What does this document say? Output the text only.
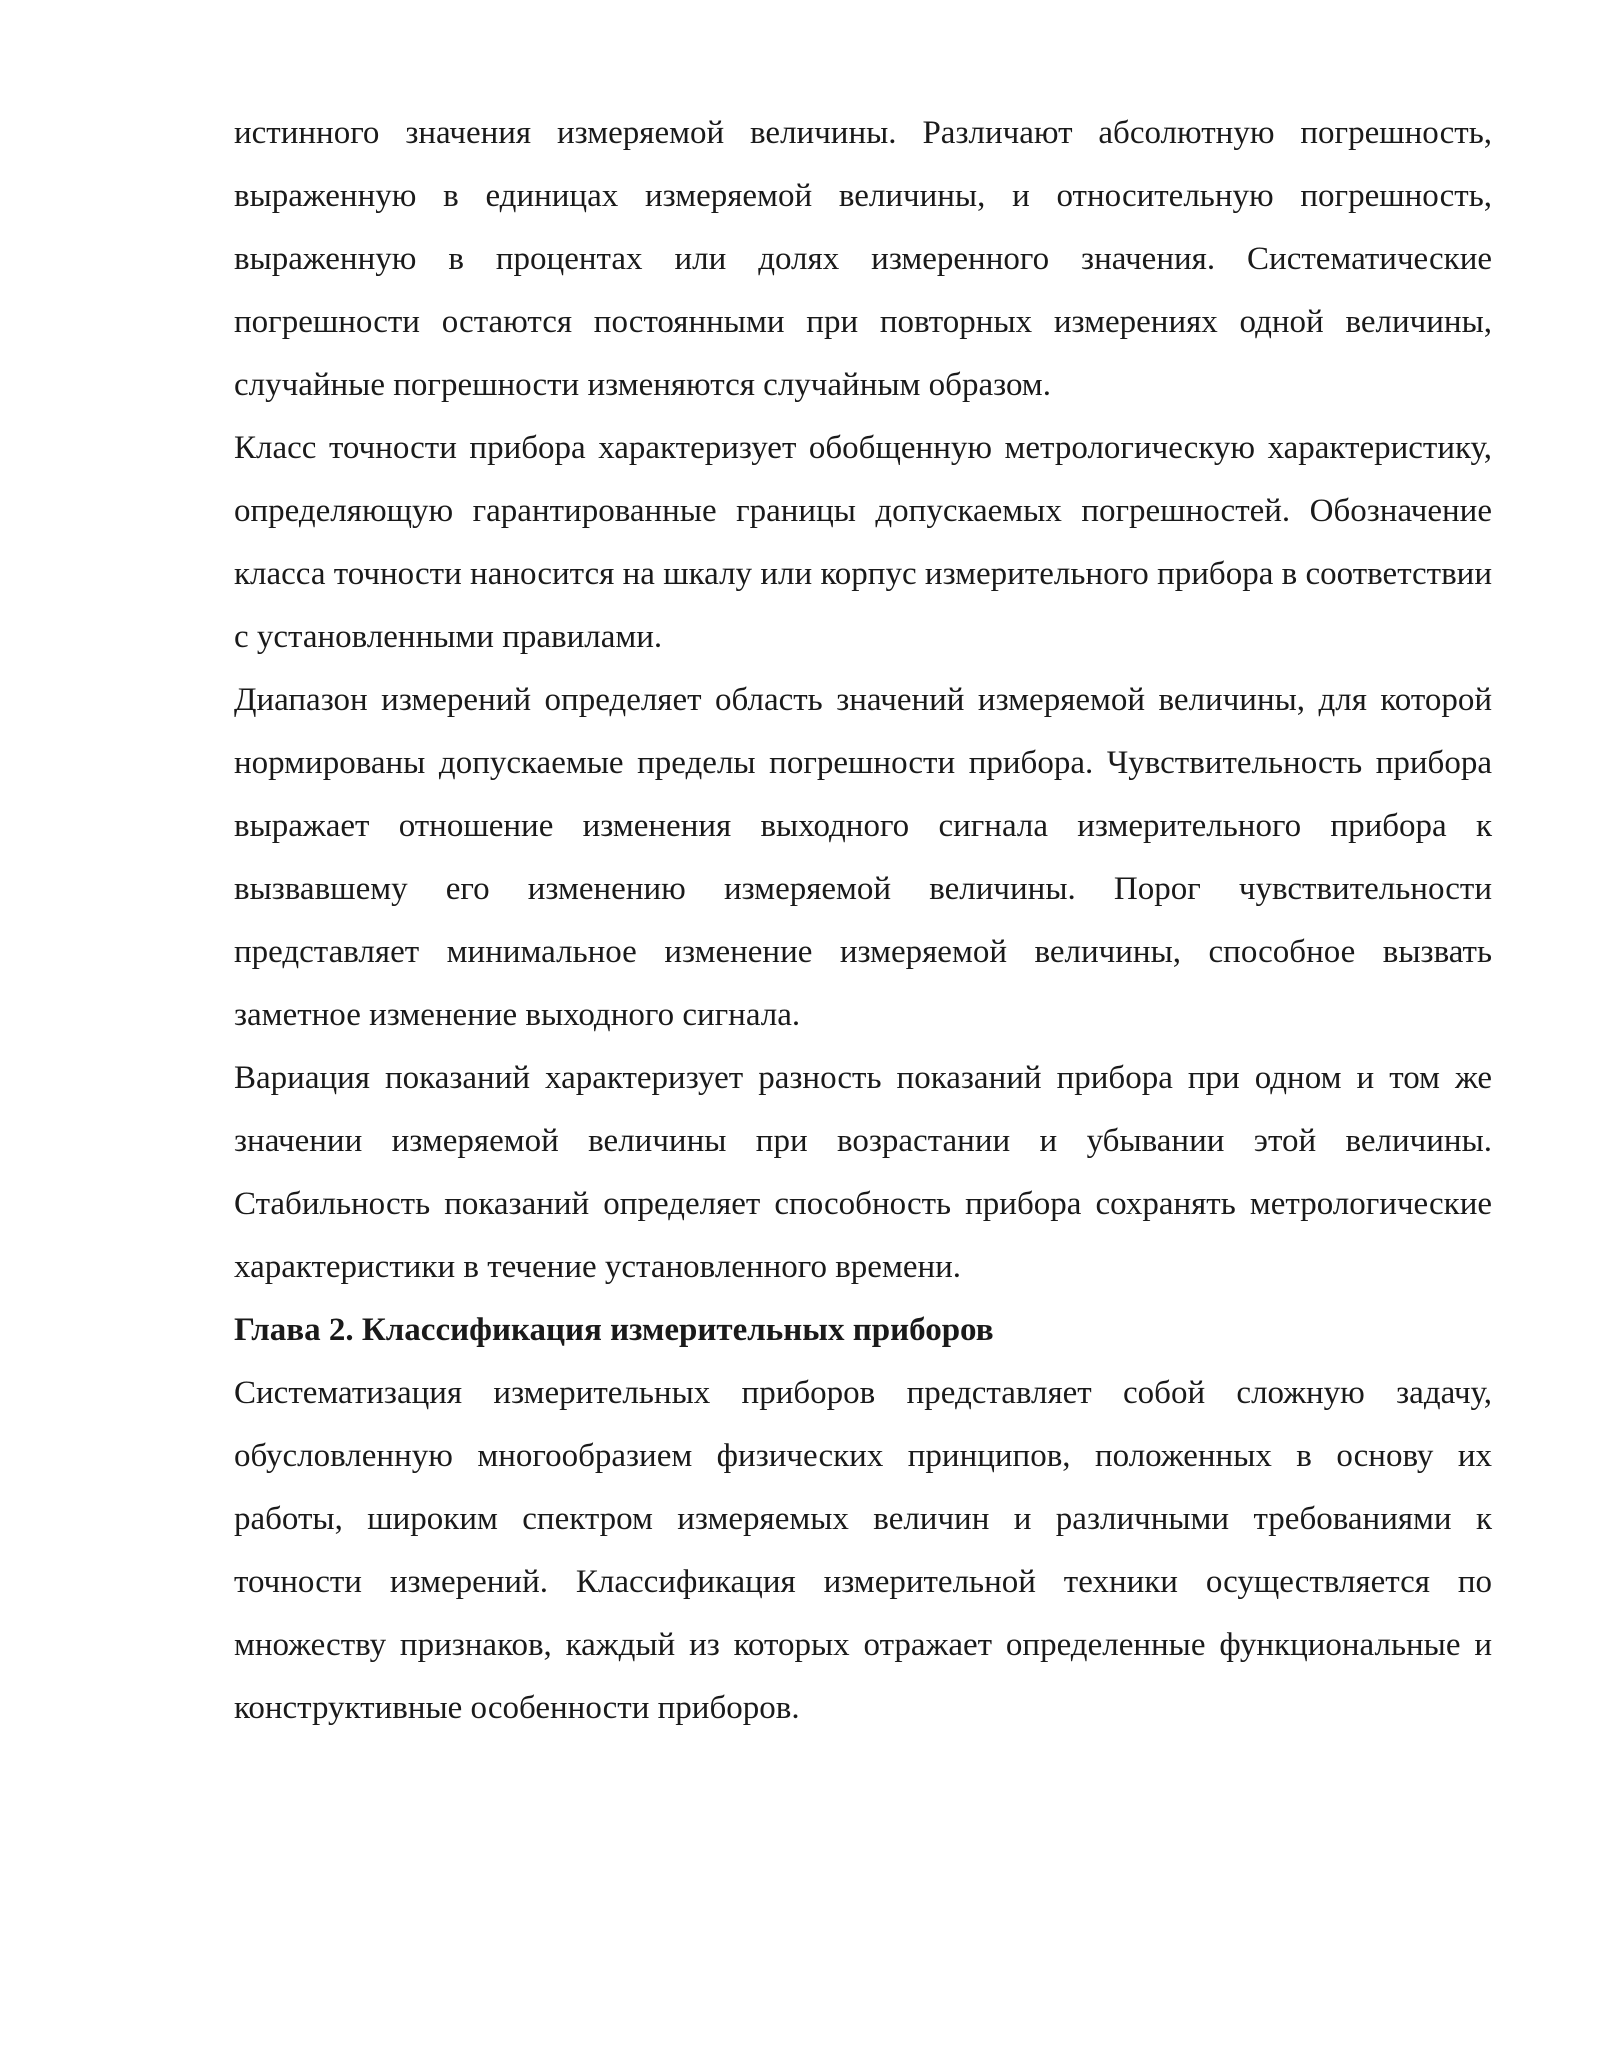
истинного значения измеряемой величины. Различают абсолютную погрешность, выраженную в единицах измеряемой величины, и относительную погрешность, выраженную в процентах или долях измеренного значения. Систематические погрешности остаются постоянными при повторных измерениях одной величины, случайные погрешности изменяются случайным образом.

Класс точности прибора характеризует обобщенную метрологическую характеристику, определяющую гарантированные границы допускаемых погрешностей. Обозначение класса точности наносится на шкалу или корпус измерительного прибора в соответствии с установленными правилами.

Диапазон измерений определяет область значений измеряемой величины, для которой нормированы допускаемые пределы погрешности прибора. Чувствительность прибора выражает отношение изменения выходного сигнала измерительного прибора к вызвавшему его изменению измеряемой величины. Порог чувствительности представляет минимальное изменение измеряемой величины, способное вызвать заметное изменение выходного сигнала.

Вариация показаний характеризует разность показаний прибора при одном и том же значении измеряемой величины при возрастании и убывании этой величины. Стабильность показаний определяет способность прибора сохранять метрологические характеристики в течение установленного времени.

Глава 2. Классификация измерительных приборов

Систематизация измерительных приборов представляет собой сложную задачу, обусловленную многообразием физических принципов, положенных в основу их работы, широким спектром измеряемых величин и различными требованиями к точности измерений. Классификация измерительной техники осуществляется по множеству признаков, каждый из которых отражает определенные функциональные и конструктивные особенности приборов.
